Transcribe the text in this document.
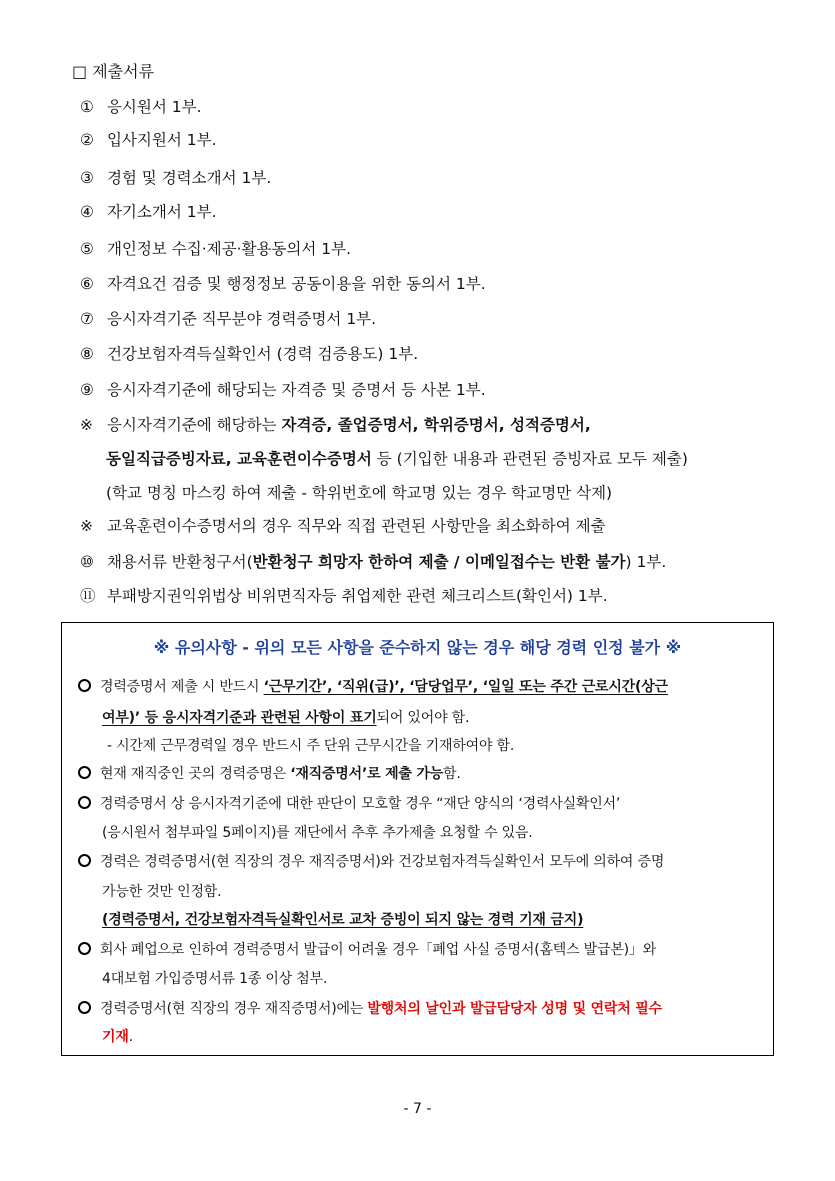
□ 제출서류
① 응시원서 1부.
② 입사지원서 1부.
③ 경험 및 경력소개서 1부.
④ 자기소개서 1부.
⑤ 개인정보 수집·제공·활용동의서 1부.
⑥ 자격요건 검증 및 행정정보 공동이용을 위한 동의서 1부.
⑦ 응시자격기준 직무분야 경력증명서 1부.
⑧ 건강보험자격득실확인서 (경력 검증용도) 1부.
⑨ 응시자격기준에 해당되는 자격증 및 증명서 등 사본 1부.
※ 응시자격기준에 해당하는 자격증, 졸업증명서, 학위증명서, 성적증명서,
동일직급증빙자료, 교육훈련이수증명서 등 (기입한 내용과 관련된 증빙자료 모두 제출)
(학교 명칭 마스킹 하여 제출 - 학위번호에 학교명 있는 경우 학교명만 삭제)
※ 교육훈련이수증명서의 경우 직무와 직접 관련된 사항만을 최소화하여 제출
⑩ 채용서류 반환청구서(반환청구 희망자 한하여 제출 / 이메일접수는 반환 불가) 1부.
⑪ 부패방지권익위법상 비위면직자등 취업제한 관련 체크리스트(확인서) 1부.
※ 유의사항 - 위의 모든 사항을 준수하지 않는 경우 해당 경력 인정 불가 ※
경력증명서 제출 시 반드시 ‘근무기간’, ‘직위(급)’, ‘담당업무’, ‘일일 또는 주간 근로시간(상근
여부)’ 등 응시자격기준과 관련된 사항이 표기되어 있어야 함.
- 시간제 근무경력일 경우 반드시 주 단위 근무시간을 기재하여야 함.
현재 재직중인 곳의 경력증명은 ‘재직증명서’로 제출 가능함.
경력증명서 상 응시자격기준에 대한 판단이 모호할 경우 “재단 양식의 ‘경력사실확인서’
(응시원서 첨부파일 5페이지)를 재단에서 추후 추가제출 요청할 수 있음.
경력은 경력증명서(현 직장의 경우 재직증명서)와 건강보험자격득실확인서 모두에 의하여 증명
가능한 것만 인정함.
(경력증명서, 건강보험자격득실확인서로 교차 증빙이 되지 않는 경력 기재 금지)
회사 폐업으로 인하여 경력증명서 발급이 어려울 경우「폐업 사실 증명서(홈텍스 발급본)」와
4대보험 가입증명서류 1종 이상 첨부.
경력증명서(현 직장의 경우 재직증명서)에는 발행처의 날인과 발급담당자 성명 및 연락처 필수
기재.
- 7 -
